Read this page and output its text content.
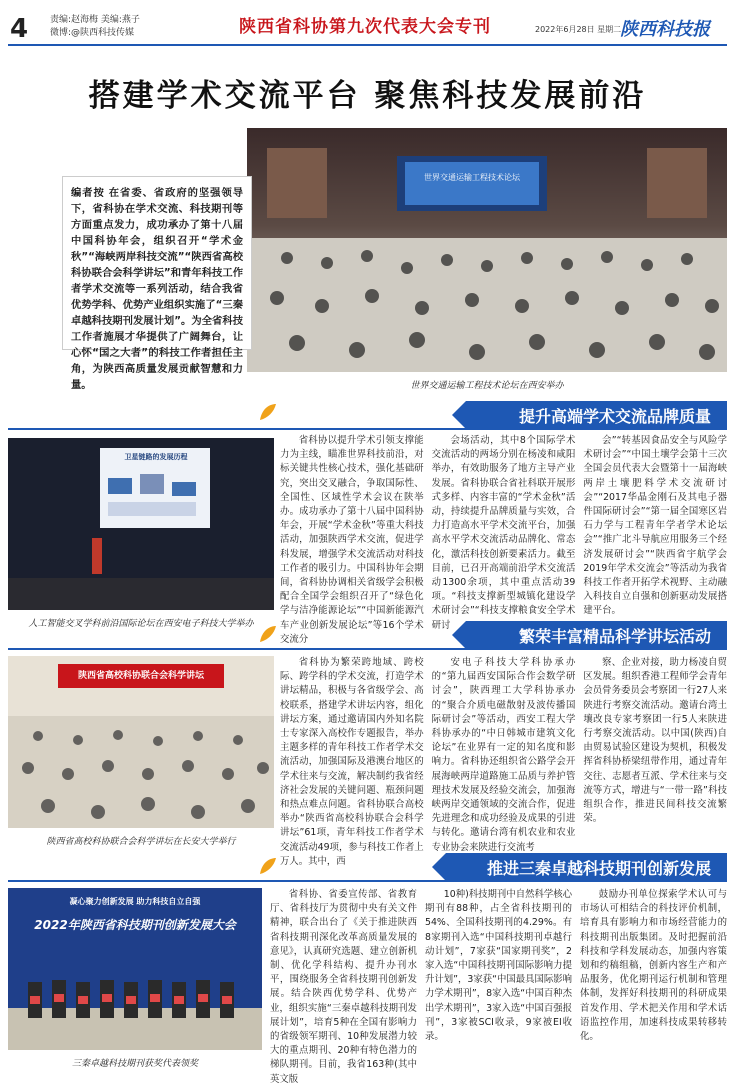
4 责编:赵海梅 美编:燕子
微博:@陕西科技传媒	陕西省科协第九次代表大会专刊	2022年6月28日 星期二
陕西科技报
搭建学术交流平台 聚焦科技发展前沿
世界交通运输工程技术论坛
世界交通运输工程技术论坛在西安举办
编者按 在省委、省政府的坚强领导下，省科协在学术交流、科技期刊等方面重点发力，成功承办了第十八届中国科协年会，组织召开“学术金秋”“海峡两岸科技交流”“陕西省高校科协联合会科学讲坛”和青年科技工作者学术交流等一系列活动，结合我省优势学科、优势产业组织实施了“三秦卓越科技期刊发展计划”。为全省科技工作者施展才华提供了广阔舞台，让心怀“国之大者”的科技工作者担任主角，为陕西高质量发展贡献智慧和力量。
提升高端学术交流品牌质量
卫星链路的发展历程
人工智能交叉学科前沿国际论坛在西安电子科技大学举办
省科协以提升学术引领支撑能力为主线，瞄准世界科技前沿，对标关键共性核心技术，强化基础研究，突出交叉融合，争取国际性、全国性、区域性学术会议在陕举办。成功承办了第十八届中国科协年会，开展“学术金秋”等重大科技活动，加强陕西学术交流，促进学科发展，增强学术交流活动对科技工作者的吸引力。中国科协年会期间，省科协协调相关省级学会积极配合全国学会组织召开了“绿色化学与洁净能源论坛”“中国新能源汽车产业创新发展论坛”等16个学术交流分
会场活动，其中8个国际学术交流活动的两场分别在杨凌和咸阳举办，有效助服务了地方主导产业发展。省科协联合省社科联开展形式多样、内容丰富的“学术金秋”活动，持续提升品牌质量与实效，合力打造高水平学术交流平台，加强高水平学术交流活动品牌化、常态化，激活科技创新要素活力。截至目前，已召开高端前沿学术交流活动1300余项，其中重点活动39项。“科技支撑新型城镇化建设学术研讨会”“科技支撑粮食安全学术研讨
会”“转基因食品安全与风险学术研讨会”“中国土壤学会第十三次全国会员代表大会暨第十一届海峡两岸土壤肥料学术交流研讨会”“2017华晶金刚石及其电子器件国际研讨会”“第一届全国寒区岩石力学与工程青年学者学术论坛会”“推广北斗导航应用服务三个经济发展研讨会”“陕西省宇航学会2019年学术交流会”等活动为我省科技工作者开拓学术视野、主动融入科技自立自强和创新驱动发展搭建平台。
繁荣丰富精品科学讲坛活动
陕西省高校科协联合会科学讲坛
陕西省高校科协联合会科学讲坛在长安大学举行
省科协为繁荣跨地域、跨校际、跨学科的学术交流，打造学术讲坛精品，积极与各省级学会、高校联系，搭建学术讲坛内容，组化讲坛方案，通过邀请国内外知名院士专家深入高校作专题报告，举办主题多样的青年科技工作者学术交流活动，加强国际及港澳台地区的学术往来与交流，解决制约我省经济社会发展的关键问题、瓶颈问题和热点难点问题。省科协联合高校举办“陕西省高校科协联合会科学讲坛”61项，青年科技工作者学术交流活动49项，参与科技工作者上万人。其中，西
安电子科技大学科协承办的“第九届西安国际合作会数学研讨会”，陕西理工大学科协承办的“聚合介质电磁散射及波传播国际研讨会”等活动，西安工程大学科协承办的“中日韩城市建筑文化论坛”在业界有一定的知名度和影响力。省科协还组织省公路学会开展海峡两岸道路施工品质与养护管理技术发展及经验交流会，加强海峡两岸交通领域的交流合作，促进先进理念和成功经验及成果的引进与转化。邀请台湾有机农业和农业专业协会来陕进行交流考
察、企业对接，助力杨凌自贸区发展。组织香港工程师学会青年会员骨务委员会考察团一行27人来陕进行考察交流活动。邀请台湾土壤改良专家考察团一行5人来陕进行考察交流活动。以中国(陕西)自由贸易试验区建设为契机，积极发挥省科协桥梁纽带作用，通过青年交往、志愿者互派、学术往来与交流等方式，增进与“一带一路”科技组织合作，推进民间科技交流繁荣。
推进三秦卓越科技期刊创新发展
凝心聚力创新发展 助力科技自立自强
2022年陕西省科技期刊创新发展大会
三秦卓越科技期刊获奖代表领奖
省科协、省委宣传部、省教育厅、省科技厅为贯彻中央有关文件精神，联合出台了《关于推进陕西省科技期刊深化改革高质量发展的意见》，认真研究选题、建立创新机制、优化学科结构、提升办刊水平，围绕服务全省科技期刊创新发展。结合陕西优势学科、优势产业，组织实施“三秦卓越科技期刊发展计划”，培育5种在全国有影响力的省级领军期刊、10种发展潜力较大的重点期刊、20种有特色潜力的梯队期刊。目前，我省163种(其中英文版
10种)科技期刊中自然科学核心期刊有88种，占全省科技期刊的54%、全国科技期刊的4.29%。有8家期刊入选“中国科技期刊卓越行动计划”，7家获“国家期刊奖”，2家入选“中国科技期刊国际影响力提升计划”，3家获“中国最具国际影响力学术期刊”，8家入选“中国百种杰出学术期刊”，3家入选“中国百强报刊”，3家被SCI收录，9家被EI收录。
鼓励办刊单位探索学术认可与市场认可相结合的科技评价机制，培育具有影响力和市场经营能力的科技期刊出版集团。及时把握前沿科技和学科发展动态，加强内容策划和约稿组稿，创新内容生产和产品服务，优化期刊运行机制和管理体制，发挥好科技期刊的科研成果首发作用、学术把关作用和学术话语监控作用，加速科技成果转移转化。
